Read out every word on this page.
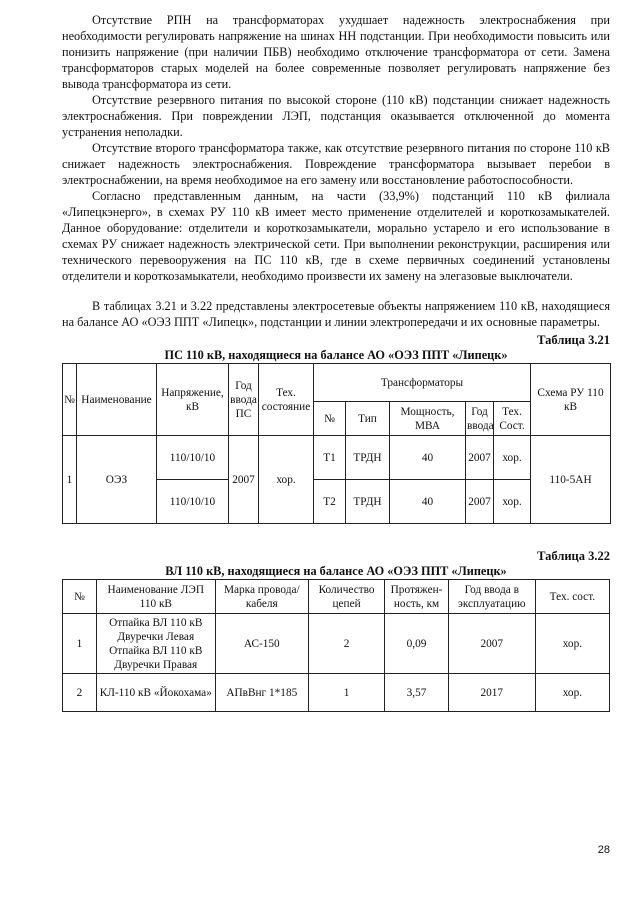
Отсутствие РПН на трансформаторах ухудшает надежность электроснабжения при необходимости регулировать напряжение на шинах НН подстанции. При необходимости повысить или понизить напряжение (при наличии ПБВ) необходимо отключение трансформатора от сети. Замена трансформаторов старых моделей на более современные позволяет регулировать напряжение без вывода трансформатора из сети.

Отсутствие резервного питания по высокой стороне (110 кВ) подстанции снижает надежность электроснабжения. При повреждении ЛЭП, подстанция оказывается отключенной до момента устранения неполадки.

Отсутствие второго трансформатора также, как отсутствие резервного питания по стороне 110 кВ снижает надежность электроснабжения. Повреждение трансформатора вызывает перебои в электроснабжении, на время необходимое на его замену или восстановление работоспособности.

Согласно представленным данным, на части (33,9%) подстанций 110 кВ филиала «Липецкэнерго», в схемах РУ 110 кВ имеет место применение отделителей и короткозамыкателей. Данное оборудование: отделители и короткозамыкатели, морально устарело и его использование в схемах РУ снижает надежность электрической сети. При выполнении реконструкции, расширения или технического перевооружения на ПС 110 кВ, где в схеме первичных соединений установлены отделители и короткозамыкатели, необходимо произвести их замену на элегазовые выключатели.

В таблицах 3.21 и 3.22 представлены электросетевые объекты напряжением 110 кВ, находящиеся на балансе АО «ОЭЗ ППТ «Липецк», подстанции и линии электропередачи и их основные параметры.

Таблица 3.21

ПС 110 кВ, находящиеся на балансе АО «ОЭЗ ППТ «Липецк»

№	Наименование	Напряжение, кВ	Год ввода ПС	Тех. состояние	Трансформаторы					Схема РУ 110 кВ
					№	Тип	Мощность, МВА	Год ввода	Тех. Сост.	
1	ОЭЗ	110/10/10	2007	хор.	Т1	ТРДН	40	2007	хор.	110-5АН
		110/10/10			Т2	ТРДН	40	2007	хор.	

Таблица 3.22

ВЛ 110 кВ, находящиеся на балансе АО «ОЭЗ ППТ «Липецк»

№	Наименование ЛЭП 110 кВ	Марка провода/кабеля	Количество цепей	Протяжен-ность, км	Год ввода в эксплуатацию	Тех. сост.
1	Отпайка ВЛ 110 кВ
Двуречки Левая
Отпайка ВЛ 110 кВ
Двуречки Правая	АС-150	2	0,09	2007	хор.
2	КЛ-110 кВ «Йокохама»	АПвВнг 1*185	1	3,57	2017	хор.
28
